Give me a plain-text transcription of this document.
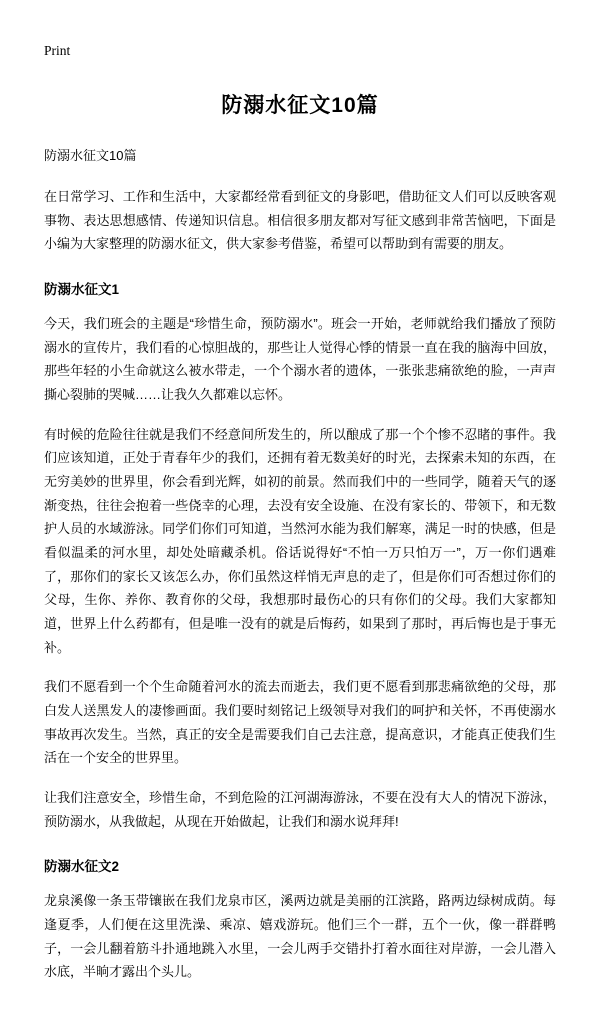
Print
防溺水征文10篇
防溺水征文10篇

在日常学习、工作和生活中，大家都经常看到征文的身影吧，借助征文人们可以反映客观事物、表达思想感情、传递知识信息。相信很多朋友都对写征文感到非常苦恼吧，下面是小编为大家整理的防溺水征文，供大家参考借鉴，希望可以帮助到有需要的朋友。

防溺水征文1

今天，我们班会的主题是“珍惜生命，预防溺水”。班会一开始，老师就给我们播放了预防溺水的宣传片，我们看的心惊胆战的，那些让人觉得心悸的情景一直在我的脑海中回放，那些年轻的小生命就这么被水带走，一个个溺水者的遗体，一张张悲痛欲绝的脸，一声声撕心裂肺的哭喊……让我久久都难以忘怀。

有时候的危险往往就是我们不经意间所发生的，所以酿成了那一个个惨不忍睹的事件。我们应该知道，正处于青春年少的我们，还拥有着无数美好的时光，去探索未知的东西，在无穷美妙的世界里，你会看到光辉，如初的前景。然而我们中的一些同学，随着天气的逐渐变热，往往会抱着一些侥幸的心理，去没有安全设施、在没有家长的、带领下，和无数护人员的水域游泳。同学们你们可知道，当然河水能为我们解寒，满足一时的快感，但是看似温柔的河水里，却处处暗藏杀机。俗话说得好“不怕一万只怕万一”，万一你们遇难了，那你们的家长又该怎么办，你们虽然这样悄无声息的走了，但是你们可否想过你们的父母，生你、养你、教育你的父母，我想那时最伤心的只有你们的父母。我们大家都知道，世界上什么药都有，但是唯一没有的就是后悔药，如果到了那时，再后悔也是于事无补。

我们不愿看到一个个生命随着河水的流去而逝去，我们更不愿看到那悲痛欲绝的父母，那白发人送黑发人的凄惨画面。我们要时刻铭记上级领导对我们的呵护和关怀，不再使溺水事故再次发生。当然，真正的安全是需要我们自己去注意，提高意识，才能真正使我们生活在一个安全的世界里。

让我们注意安全，珍惜生命，不到危险的江河湖海游泳，不要在没有大人的情况下游泳，预防溺水，从我做起，从现在开始做起，让我们和溺水说拜拜!

防溺水征文2

龙泉溪像一条玉带镶嵌在我们龙泉市区，溪两边就是美丽的江滨路，路两边绿树成荫。每逢夏季，人们便在这里洗澡、乘凉、嬉戏游玩。他们三个一群，五个一伙，像一群群鸭子，一会儿翻着筋斗扑通地跳入水里，一会儿两手交错扑打着水面往对岸游，一会儿潜入水底，半晌才露出个头儿。
